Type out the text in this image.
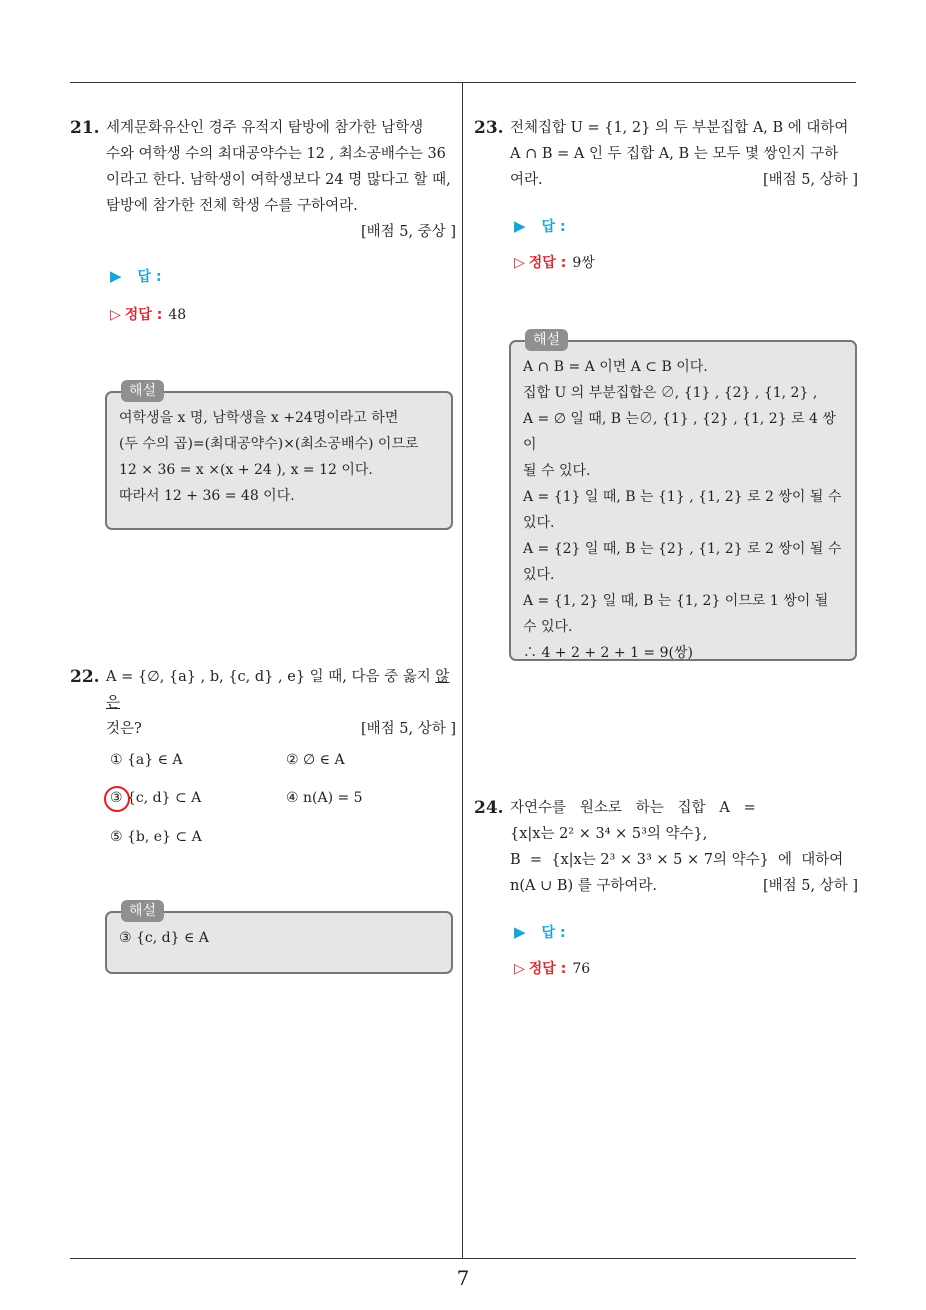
21. 세계문화유산인 경주 유적지 탐방에 참가한 남학생
수와 여학생 수의 최대공약수는 12 , 최소공배수는 36
이라고 한다. 남학생이 여학생보다 24 명 많다고 할 때,
탐방에 참가한 전체 학생 수를 구하여라.
[배점 5, 중상 ]
▶ 답 :
▷ 정답 : 48
해설
여학생을 x 명, 남학생을 x +24명이라고 하면
(두 수의 곱)=(최대공약수)×(최소공배수) 이므로
12 × 36 = x ×(x + 24 ), x = 12 이다.
따라서 12 + 36 = 48 이다.
22. A = {∅, {a} , b, {c, d} , e} 일 때, 다음 중 옳지 않은
것은?	[배점 5, 상하 ]
① {a} ∈ A	② ∅ ∈ A
③ {c, d} ⊂ A	④ n(A) = 5
⑤ {b, e} ⊂ A
해설
③ {c, d} ∈ A
23. 전체집합 U = {1, 2} 의 두 부분집합 A, B 에 대하여
A ∩ B = A 인 두 집합 A, B 는 모두 몇 쌍인지 구하
여라.	[배점 5, 상하 ]
▶ 답 :
▷ 정답 : 9쌍
해설
A ∩ B = A 이면 A ⊂ B 이다.
집합 U 의 부분집합은 ∅, {1} , {2} , {1, 2} ,
A = ∅ 일 때, B 는∅, {1} , {2} , {1, 2} 로 4 쌍이
될 수 있다.
A = {1} 일 때, B 는 {1} , {1, 2} 로 2 쌍이 될 수
있다.
A = {2} 일 때, B 는 {2} , {1, 2} 로 2 쌍이 될 수
있다.
A = {1, 2} 일 때, B 는 {1, 2} 이므로 1 쌍이 될
수 있다.
∴ 4 + 2 + 2 + 1 = 9(쌍)
24. 자연수를   원소로   하는   집합   A   =
{x|x는 2² × 3⁴ × 5³의 약수},
B  =  {x|x는 2³ × 3³ × 5 × 7의 약수}  에  대하여
n(A ∪ B) 를 구하여라.	[배점 5, 상하 ]
▶ 답 :
▷ 정답 : 76
7
